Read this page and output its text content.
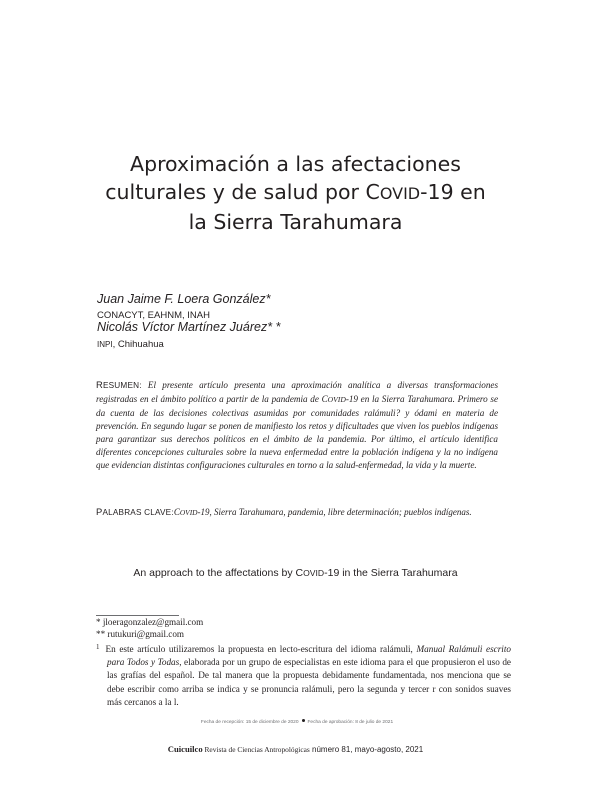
Aproximación a las afectaciones
culturales y de salud por COVID-19 en
la Sierra Tarahumara
Juan Jaime F. Loera González*
CONACYT, EAHNM, INAH
Nicolás Víctor Martínez Juárez* *
INPI, Chihuahua

RESUMEN: El presente artículo presenta una aproximación analítica a diversas transformaciones registradas en el ámbito político a partir de la pandemia de COVID-19 en la Sierra Tarahumara. Primero se da cuenta de las decisiones colectivas asumidas por comunidades ralámuli? y ódami en materia de prevención. En segundo lugar se ponen de manifiesto los retos y dificultades que viven los pueblos indígenas para garantizar sus derechos políticos en el ámbito de la pandemia. Por último, el artículo identifica diferentes concepciones culturales sobre la nueva enfermedad entre la población indígena y la no indígena que evidencian distintas configuraciones culturales en torno a la salud-enfermedad, la vida y la muerte.

PALABRAS CLAVE:COVID-19, Sierra Tarahumara, pandemia, libre determinación; pueblos indígenas.

An approach to the affectations by COVID-19 in the Sierra Tarahumara
* jloeragonzalez@gmail.com
** rutukuri@gmail.com

$^1$ En este artículo utilizaremos la propuesta en lecto-escritura del idioma ralámuli, Manual Ralámuli escrito para Todos y Todas, elaborada por un grupo de especialistas en este idioma para el que propusieron el uso de las grafías del español. De tal manera que la propuesta debidamente fundamentada, nos menciona que se debe escribir como arriba se indica y se pronuncia ralámuli, pero la segunda y tercer r con sonidos suaves más cercanos a la l.

Fecha de recepción: 15 de diciembre de 2020 Fecha de aprobación: 8 de julio de 2021
Cuicuilco Revista de Ciencias Antropológicas número 81, mayo-agosto, 2021
